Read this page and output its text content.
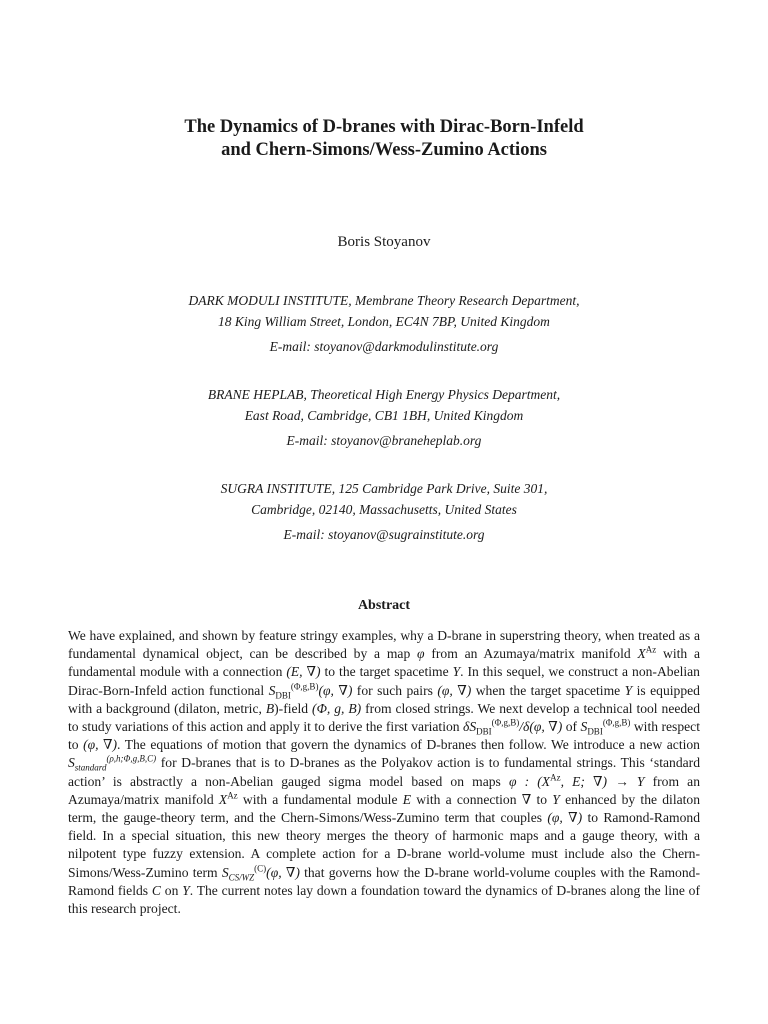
The Dynamics of D-branes with Dirac-Born-Infeld
and Chern-Simons/Wess-Zumino Actions
Boris Stoyanov
DARK MODULI INSTITUTE, Membrane Theory Research Department,
18 King William Street, London, EC4N 7BP, United Kingdom
E-mail: stoyanov@darkmodulinstitute.org
BRANE HEPLAB, Theoretical High Energy Physics Department,
East Road, Cambridge, CB1 1BH, United Kingdom
E-mail: stoyanov@braneheplab.org
SUGRA INSTITUTE, 125 Cambridge Park Drive, Suite 301,
Cambridge, 02140, Massachusetts, United States
E-mail: stoyanov@sugrainstitute.org
Abstract
We have explained, and shown by feature stringy examples, why a D-brane in superstring theory, when treated as a fundamental dynamical object, can be described by a map φ from an Azumaya/matrix manifold $X^{Az}$ with a fundamental module with a connection (E, ∇) to the target spacetime Y. In this sequel, we construct a non-Abelian Dirac-Born-Infeld action functional $S_{DBI}^{(\Phi,g,B)}(\varphi$, ∇) for such pairs (φ, ∇) when the target spacetime Y is equipped with a background (dilaton, metric, B)-field (Φ, g, B) from closed strings. We next develop a technical tool needed to study variations of this action and apply it to derive the first variation $\delta S_{DBI}^{(\Phi,g,B)}/\delta(\varphi$, ∇) of $S_{DBI}^{(\Phi,g,B)}$ with respect to (φ, ∇). The equations of motion that govern the dynamics of D-branes then follow. We introduce a new action $S_{standard}^{(\rho,h;\Phi,g,B,C)}$ for D-branes that is to D-branes as the Polyakov action is to fundamental strings. This ‘standard action’ is abstractly a non-Abelian gauged sigma model based on maps φ : ($X^{Az}$, E; ∇) → Y from an Azumaya/matrix manifold $X^{Az}$ with a fundamental module E with a connection ∇ to Y enhanced by the dilaton term, the gauge-theory term, and the Chern-Simons/Wess-Zumino term that couples (φ, ∇) to Ramond-Ramond field. In a special situation, this new theory merges the theory of harmonic maps and a gauge theory, with a nilpotent type fuzzy extension. A complete action for a D-brane world-volume must include also the Chern-Simons/Wess-Zumino term $S_{CS/WZ}^{(C)}(\varphi$, ∇) that governs how the D-brane world-volume couples with the Ramond-Ramond fields C on Y. The current notes lay down a foundation toward the dynamics of D-branes along the line of this research project.
